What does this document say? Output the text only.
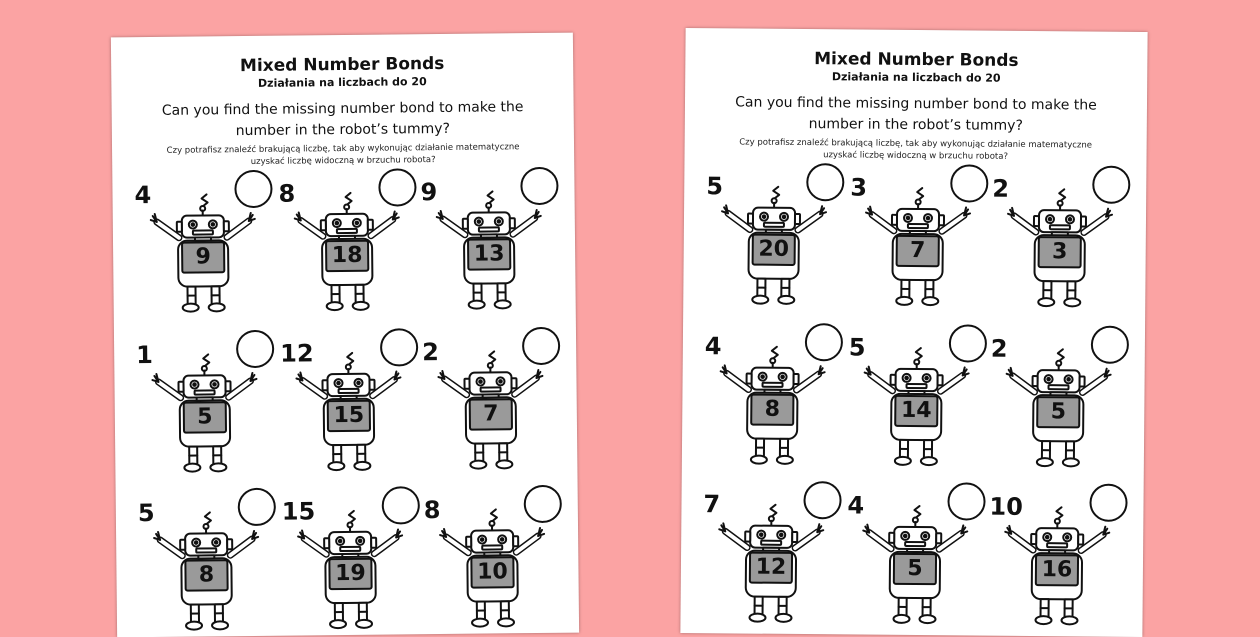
Mixed Number Bonds
Działania na liczbach do 20
Can you find the missing number bond to make the number in the robot’s tummy?
Czy potrafisz znaleźć brakującą liczbę, tak aby wykonując działanie matematyczne uzyskać liczbę widoczną w brzuchu robota?
4
9
8
18
9
13
1
5
12
15
2
7
5
8
15
19
8
10
Mixed Number Bonds
Działania na liczbach do 20
Can you find the missing number bond to make the number in the robot’s tummy?
Czy potrafisz znaleźć brakującą liczbę, tak aby wykonując działanie matematyczne uzyskać liczbę widoczną w brzuchu robota?
5
20
3
7
2
3
4
8
5
14
2
5
7
12
4
5
10
16
